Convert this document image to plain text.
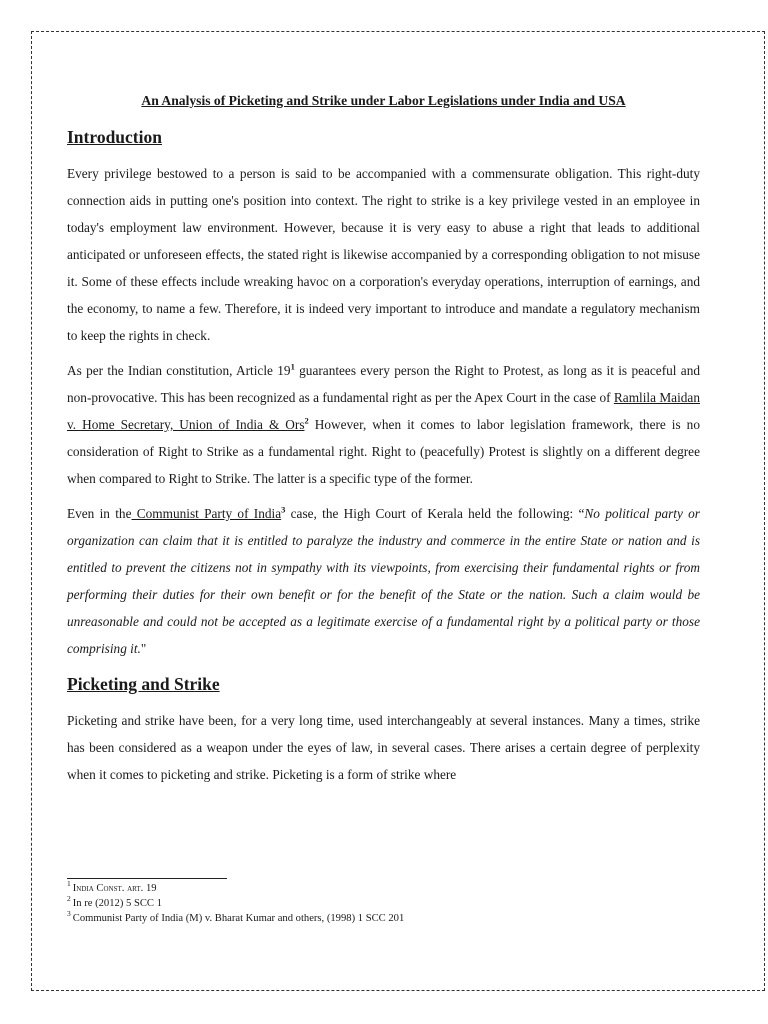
An Analysis of Picketing and Strike under Labor Legislations under India and USA
Introduction

Every privilege bestowed to a person is said to be accompanied with a commensurate obligation. This right-duty connection aids in putting one's position into context. The right to strike is a key privilege vested in an employee in today's employment law environment. However, because it is very easy to abuse a right that leads to additional anticipated or unforeseen effects, the stated right is likewise accompanied by a corresponding obligation to not misuse it. Some of these effects include wreaking havoc on a corporation's everyday operations, interruption of earnings, and the economy, to name a few. Therefore, it is indeed very important to introduce and mandate a regulatory mechanism to keep the rights in check.

As per the Indian constitution, Article $19^1$ guarantees every person the Right to Protest, as long as it is peaceful and non-provocative. This has been recognized as a fundamental right as per the Apex Court in the case of Ramlila Maidan v. Home Secretary, Union of India & Ors$^2$ However, when it comes to labor legislation framework, there is no consideration of Right to Strike as a fundamental right. Right to (peacefully) Protest is slightly on a different degree when compared to Right to Strike. The latter is a specific type of the former.

Even in the Communist Party of India$^3$ case, the High Court of Kerala held the following: “No political party or organization can claim that it is entitled to paralyze the industry and commerce in the entire State or nation and is entitled to prevent the citizens not in sympathy with its viewpoints, from exercising their fundamental rights or from performing their duties for their own benefit or for the benefit of the State or the nation. Such a claim would be unreasonable and could not be accepted as a legitimate exercise of a fundamental right by a political party or those comprising it."

Picketing and Strike

Picketing and strike have been, for a very long time, used interchangeably at several instances. Many a times, strike has been considered as a weapon under the eyes of law, in several cases. There arises a certain degree of perplexity when it comes to picketing and strike. Picketing is a form of strike where

$^1$ India Const. art. 19

$^2$ In re (2012) 5 SCC 1

$^3$ Communist Party of India (M) v. Bharat Kumar and others, (1998) 1 SCC 201
